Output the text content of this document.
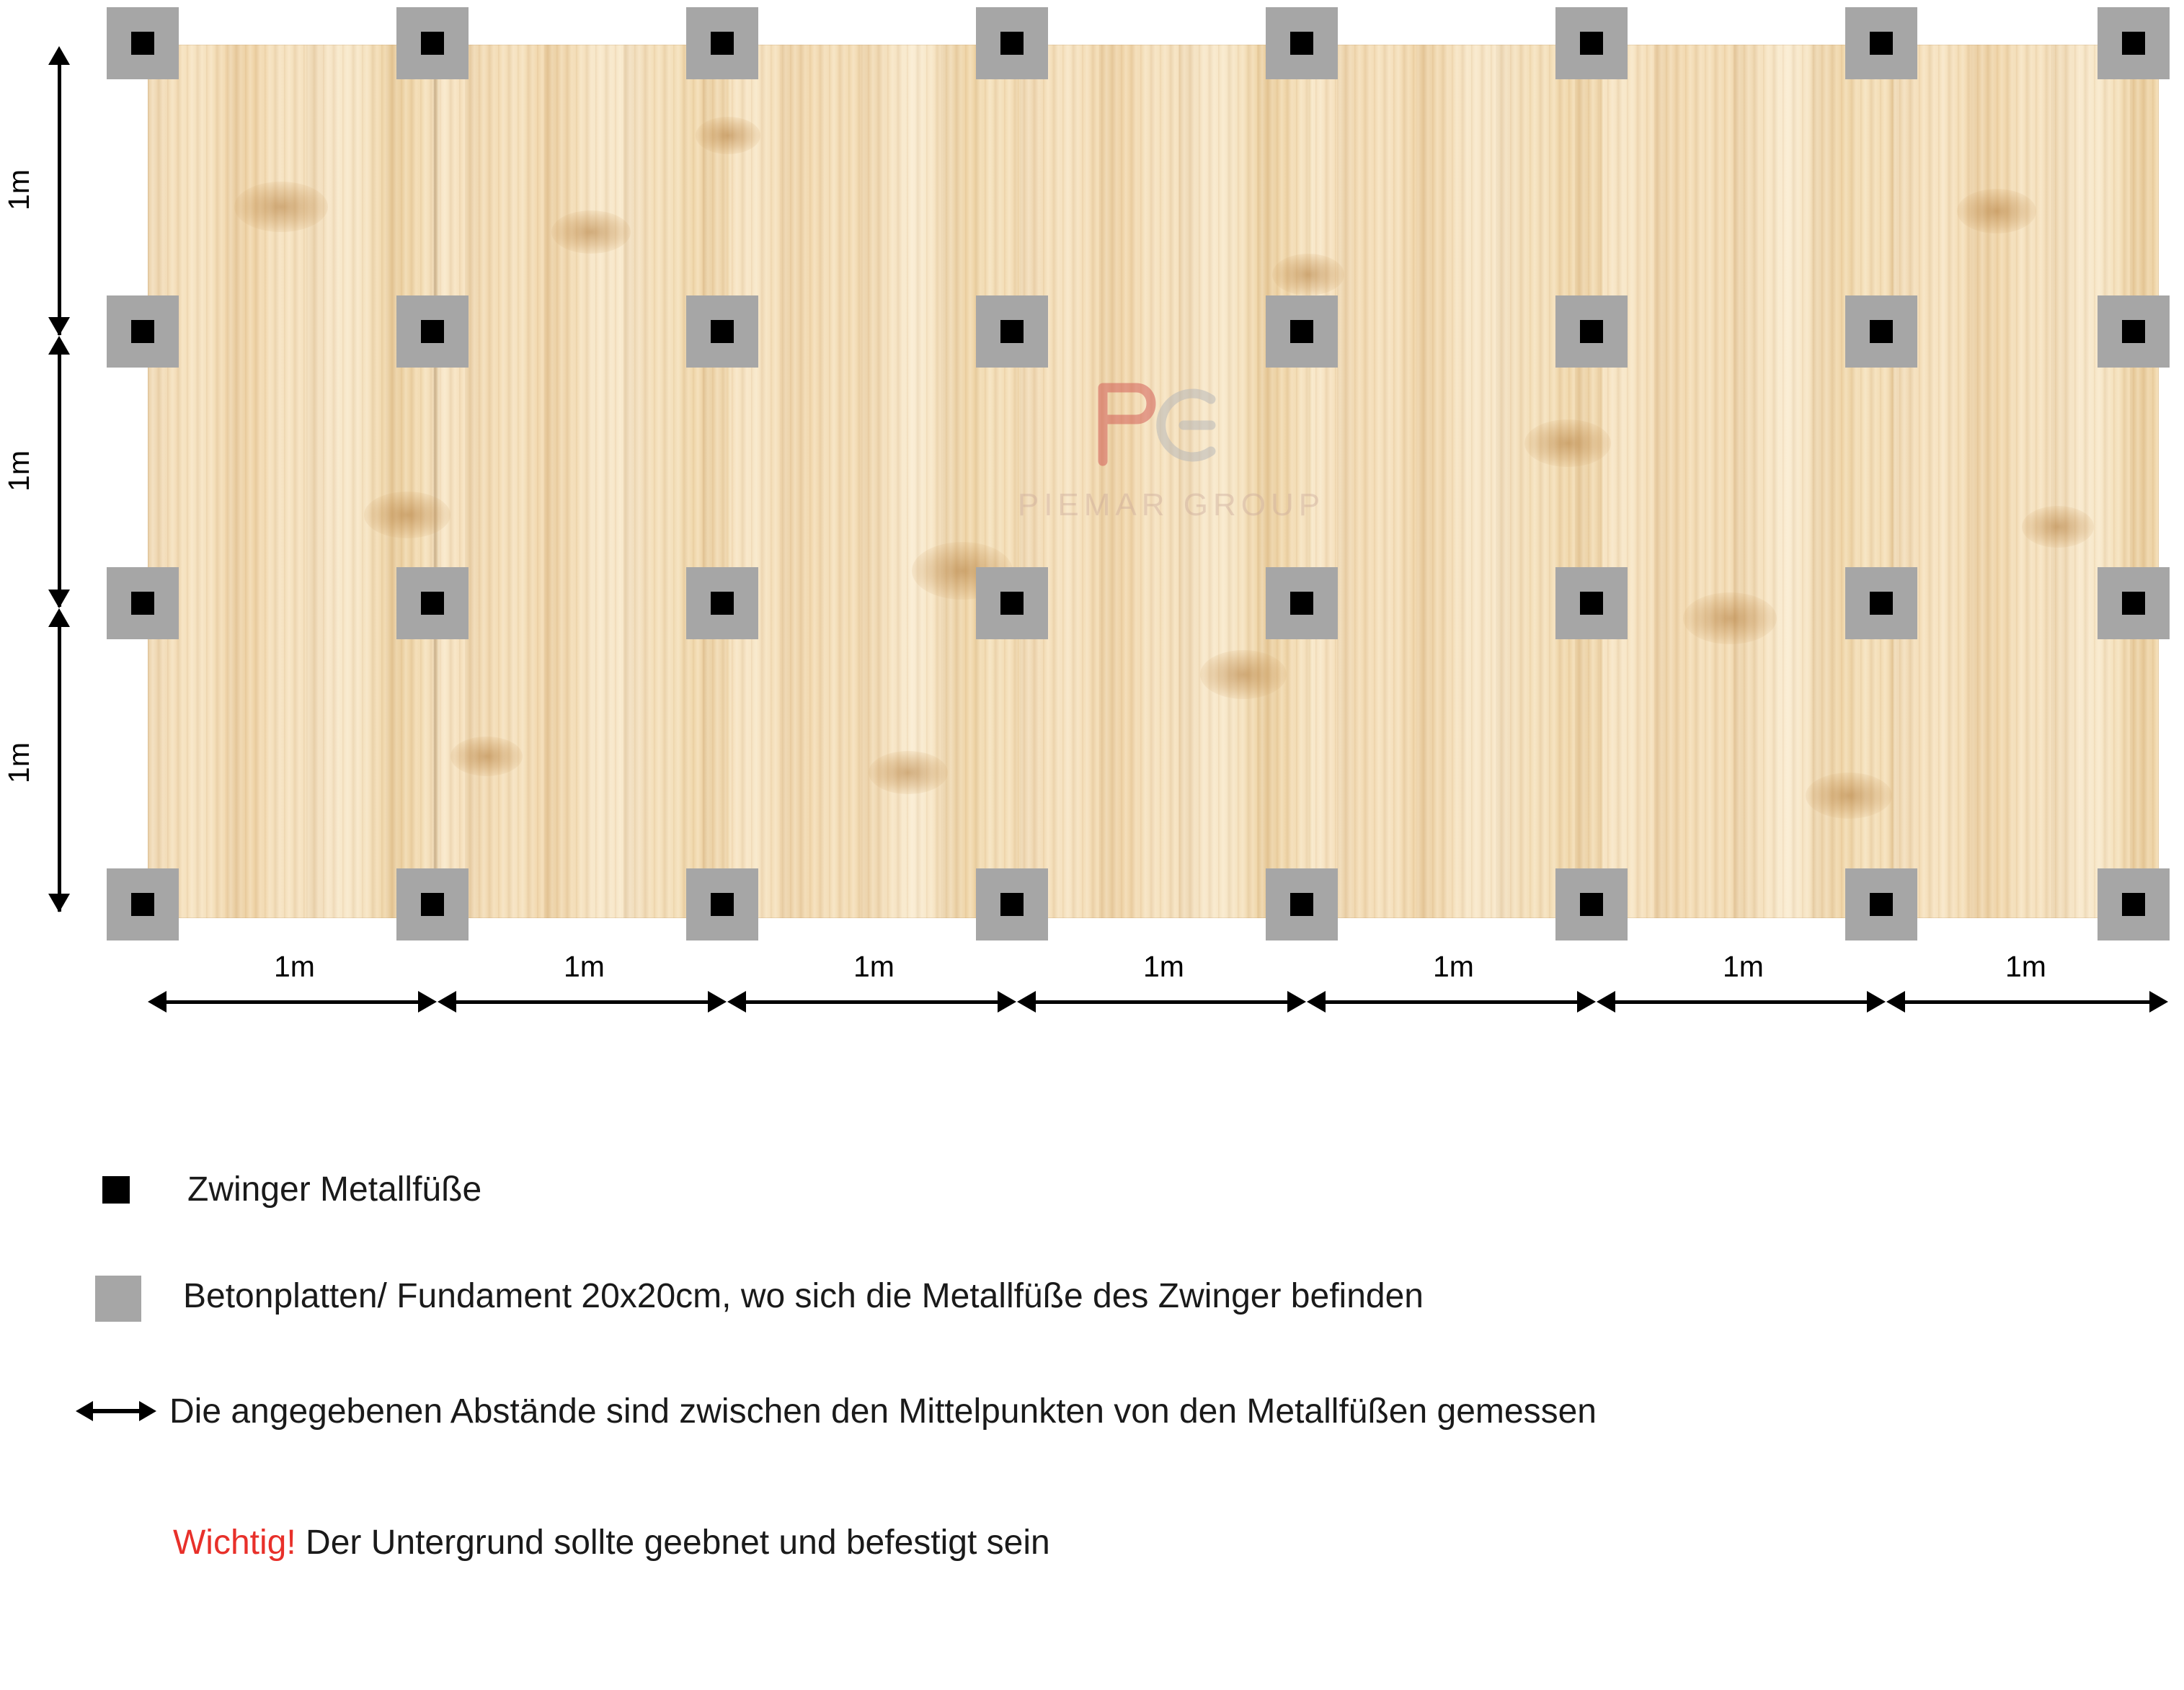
PIEMAR GROUP
1m
1m
1m
1m	1m	1m	1m	1m	1m	1m
Zwinger Metallfüße
Betonplatten/ Fundament 20x20cm, wo sich die Metallfüße des Zwinger befinden
Die angegebenen Abstände sind zwischen den Mittelpunkten von den Metallfüßen gemessen
Wichtig! Der Untergrund sollte geebnet und befestigt sein
